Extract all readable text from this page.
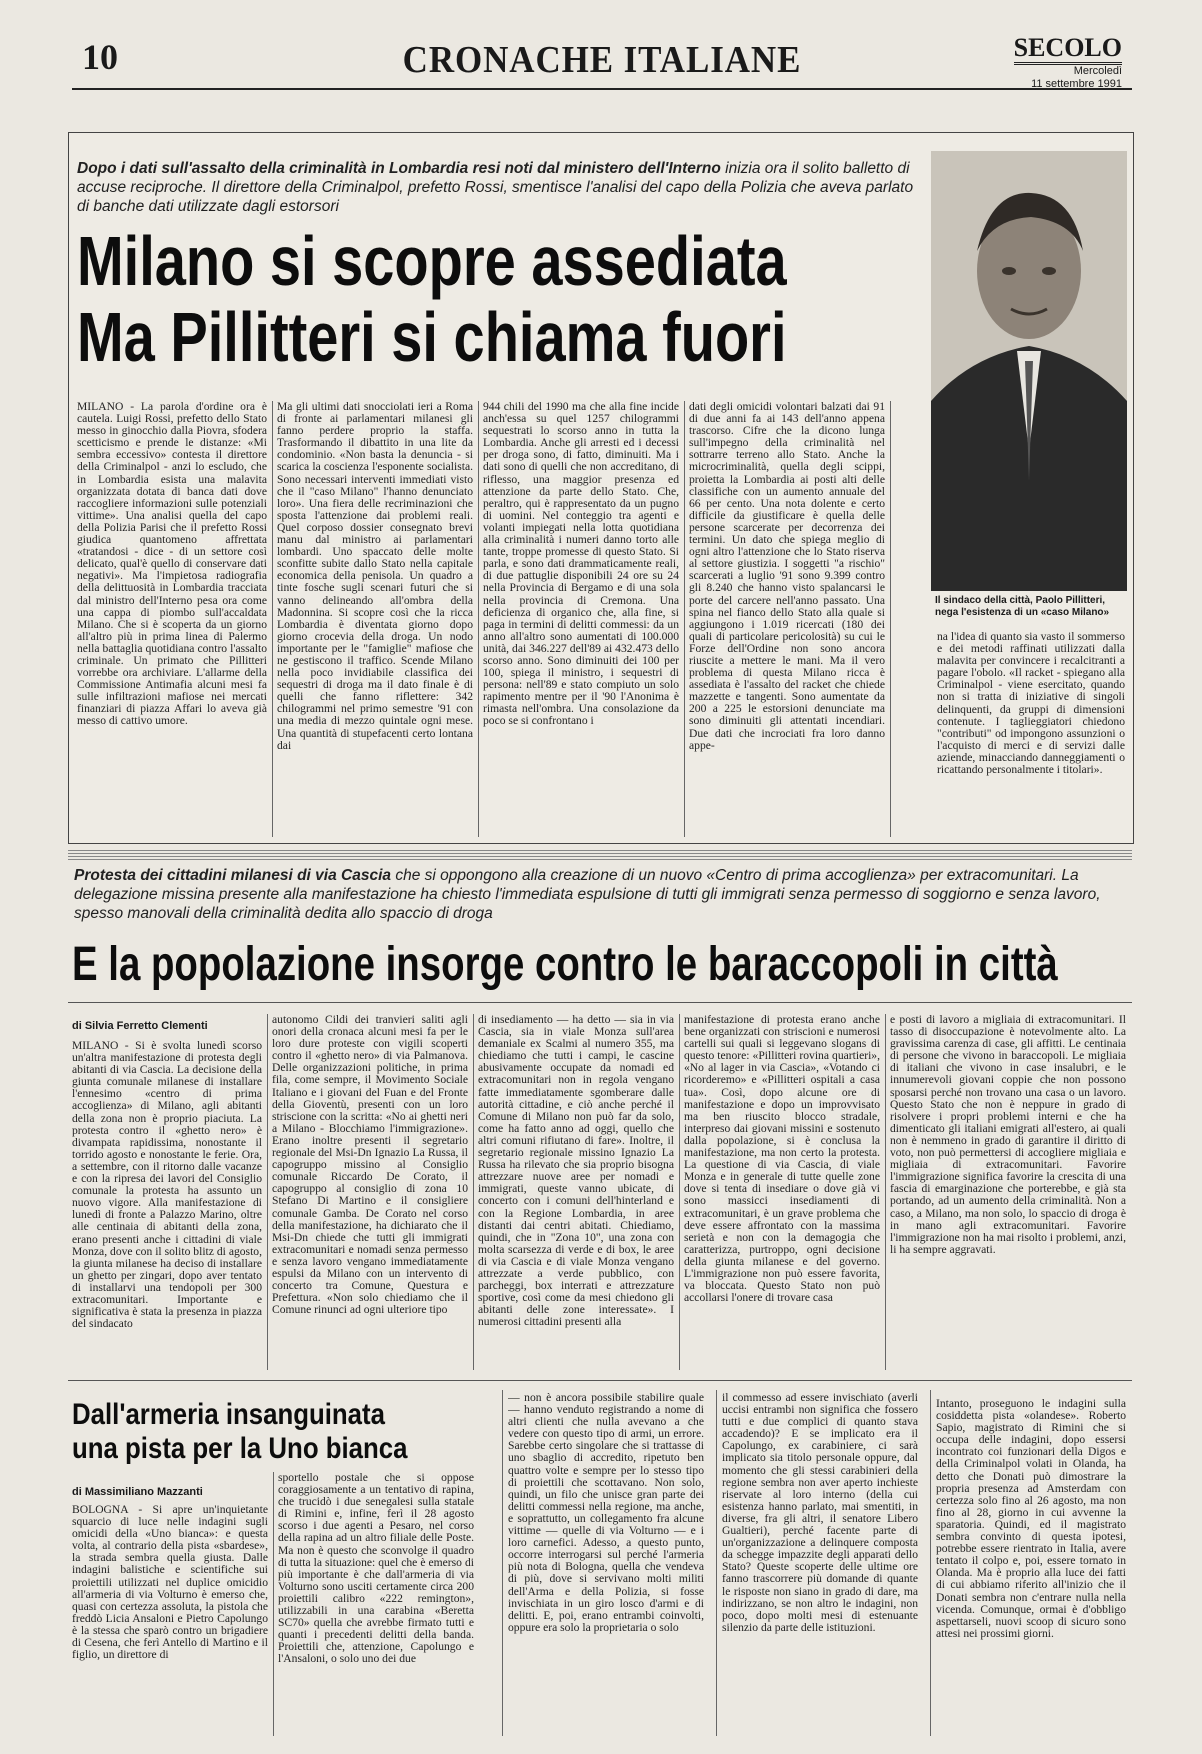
10	CRONACHE ITALIANE	SECOLO
Mercoledì
11 settembre 1991
Dopo i dati sull'assalto della criminalità in Lombardia resi noti dal ministero dell'Interno inizia ora il solito balletto di accuse reciproche. Il direttore della Criminalpol, prefetto Rossi, smentisce l'analisi del capo della Polizia che aveva parlato di banche dati utilizzate dagli estorsori
Milano si scopre assediata
Ma Pillitteri si chiama fuori
Il sindaco della città, Paolo Pillitteri, nega l'esistenza di un «caso Milano»

MILANO - La parola d'ordine ora è cautela. Luigi Rossi, prefetto dello Stato messo in ginocchio dalla Piovra, sfodera scetticismo e prende le distanze: «Mi sembra eccessivo» contesta il direttore della Criminalpol - anzi lo escludo, che in Lombardia esista una malavita organizzata dotata di banca dati dove raccogliere informazioni sulle potenziali vittime». Una analisi quella del capo della Polizia Parisi che il prefetto Rossi giudica quantomeno affrettata «tratandosi - dice - di un settore così delicato, qual'è quello di conservare dati negativi». Ma l'impietosa radiografia della delittuosità in Lombardia tracciata dal ministro dell'Interno pesa ora come una cappa di piombo sull'accaldata Milano. Che si è scoperta da un giorno all'altro più in prima linea di Palermo nella battaglia quotidiana contro l'assalto criminale. Un primato che Pillitteri vorrebbe ora archiviare. L'allarme della Commissione Antimafia alcuni mesi fa sulle infiltrazioni mafiose nei mercati finanziari di piazza Affari lo aveva già messo di cattivo umore.

Ma gli ultimi dati snocciolati ieri a Roma di fronte ai parlamentari milanesi gli fanno perdere proprio la staffa. Trasformando il dibattito in una lite da condominio. «Non basta la denuncia - si scarica la coscienza l'esponente socialista. Sono necessari interventi immediati visto che il "caso Milano" l'hanno denunciato loro». Una fiera delle recriminazioni che sposta l'attenzione dai problemi reali. Quel corposo dossier consegnato brevi manu dal ministro ai parlamentari lombardi. Uno spaccato delle molte sconfitte subite dallo Stato nella capitale economica della penisola. Un quadro a tinte fosche sugli scenari futuri che si vanno delineando all'ombra della Madonnina. Si scopre così che la ricca Lombardia è diventata giorno dopo giorno crocevia della droga. Un nodo importante per le "famiglie" mafiose che ne gestiscono il traffico. Scende Milano nella poco invidiabile classifica dei sequestri di droga ma il dato finale è di quelli che fanno riflettere: 342 chilogrammi nel primo semestre '91 con una media di mezzo quintale ogni mese. Una quantità di stupefacenti certo lontana dai

944 chili del 1990 ma che alla fine incide anch'essa su quel 1257 chilogrammi sequestrati lo scorso anno in tutta la Lombardia. Anche gli arresti ed i decessi per droga sono, di fatto, diminuiti. Ma i dati sono di quelli che non accreditano, di riflesso, una maggior presenza ed attenzione da parte dello Stato. Che, peraltro, qui è rappresentato da un pugno di uomini. Nel conteggio tra agenti e volanti impiegati nella lotta quotidiana alla criminalità i numeri danno torto alle tante, troppe promesse di questo Stato. Si parla, e sono dati drammaticamente reali, di due pattuglie disponibili 24 ore su 24 nella Provincia di Bergamo e di una sola nella provincia di Cremona. Una deficienza di organico che, alla fine, si paga in termini di delitti commessi: da un anno all'altro sono aumentati di 100.000 unità, dai 346.227 dell'89 ai 432.473 dello scorso anno. Sono diminuiti dei 100 per 100, spiega il ministro, i sequestri di persona: nell'89 e stato compiuto un solo rapimento mentre per il '90 l'Anonima è rimasta nell'ombra. Una consolazione da poco se si confrontano i

dati degli omicidi volontari balzati dai 91 di due anni fa ai 143 dell'anno appena trascorso. Cifre che la dicono lunga sull'impegno della criminalità nel sottrarre terreno allo Stato. Anche la microcriminalità, quella degli scippi, proietta la Lombardia ai posti alti delle classifiche con un aumento annuale del 66 per cento. Una nota dolente e certo difficile da giustificare è quella delle persone scarcerate per decorrenza dei termini. Un dato che spiega meglio di ogni altro l'attenzione che lo Stato riserva al settore giustizia. I soggetti "a rischio" scarcerati a luglio '91 sono 9.399 contro gli 8.240 che hanno visto spalancarsi le porte del carcere nell'anno passato. Una spina nel fianco dello Stato alla quale si aggiungono i 1.019 ricercati (180 dei quali di particolare pericolosità) su cui le Forze dell'Ordine non sono ancora riuscite a mettere le mani. Ma il vero problema di questa Milano ricca è assediata è l'assalto del racket che chiede mazzette e tangenti. Sono aumentate da 200 a 225 le estorsioni denunciate ma sono diminuiti gli attentati incendiari. Due dati che incrociati fra loro danno appe-

na l'idea di quanto sia vasto il sommerso e dei metodi raffinati utilizzati dalla malavita per convincere i recalcitranti a pagare l'obolo. «Il racket - spiegano alla Criminalpol - viene esercitato, quando non si tratta di iniziative di singoli delinquenti, da gruppi di dimensioni contenute. I taglieggiatori chiedono "contributi" od impongono assunzioni o l'acquisto di merci e di servizi dalle aziende, minacciando danneggiamenti o ricattando personalmente i titolari».

Protesta dei cittadini milanesi di via Cascia che si oppongono alla creazione di un nuovo «Centro di prima accoglienza» per extracomunitari. La delegazione missina presente alla manifestazione ha chiesto l'immediata espulsione di tutti gli immigrati senza permesso di soggiorno e senza lavoro, spesso manovali della criminalità dedita allo spaccio di droga
E la popolazione insorge contro le baraccopoli in città
di Silvia Ferretto Clementi

MILANO - Si è svolta lunedì scorso un'altra manifestazione di protesta degli abitanti di via Cascia. La decisione della giunta comunale milanese di installare l'ennesimo «centro di prima accoglienza» di Milano, agli abitanti della zona non è proprio piaciuta. La protesta contro il «ghetto nero» è divampata rapidissima, nonostante il torrido agosto e nonostante le ferie. Ora, a settembre, con il ritorno dalle vacanze e con la ripresa dei lavori del Consiglio comunale la protesta ha assunto un nuovo vigore. Alla manifestazione di lunedì di fronte a Palazzo Marino, oltre alle centinaia di abitanti della zona, erano presenti anche i cittadini di viale Monza, dove con il solito blitz di agosto, la giunta milanese ha deciso di installare un ghetto per zingari, dopo aver tentato di installarvi una tendopoli per 300 extracomunitari. Importante e significativa è stata la presenza in piazza del sindacato

autonomo Cildi dei tranvieri saliti agli onori della cronaca alcuni mesi fa per le loro dure proteste con vigili scoperti contro il «ghetto nero» di via Palmanova. Delle organizzazioni politiche, in prima fila, come sempre, il Movimento Sociale Italiano e i giovani del Fuan e del Fronte della Gioventù, presenti con un loro striscione con la scritta: «No ai ghetti neri a Milano - Blocchiamo l'immigrazione». Erano inoltre presenti il segretario regionale del Msi-Dn Ignazio La Russa, il capogruppo missino al Consiglio comunale Riccardo De Corato, il capogruppo al consiglio di zona 10 Stefano Di Martino e il consigliere comunale Gamba. De Corato nel corso della manifestazione, ha dichiarato che il Msi-Dn chiede che tutti gli immigrati extracomunitari e nomadi senza permesso e senza lavoro vengano immediatamente espulsi da Milano con un intervento di concerto tra Comune, Questura e Prefettura. «Non solo chiediamo che il Comune rinunci ad ogni ulteriore tipo

di insediamento — ha detto — sia in via Cascia, sia in viale Monza sull'area demaniale ex Scalmi al numero 355, ma chiediamo che tutti i campi, le cascine abusivamente occupate da nomadi ed extracomunitari non in regola vengano fatte immediatamente sgomberare dalle autorità cittadine, e ciò anche perché il Comune di Milano non può far da solo, come ha fatto anno ad oggi, quello che altri comuni rifiutano di fare». Inoltre, il segretario regionale missino Ignazio La Russa ha rilevato che sia proprio bisogna attrezzare nuove aree per nomadi e immigrati, queste vanno ubicate, di concerto con i comuni dell'hinterland e con la Regione Lombardia, in aree distanti dai centri abitati. Chiediamo, quindi, che in "Zona 10", una zona con molta scarsezza di verde e di box, le aree di via Cascia e di viale Monza vengano attrezzate a verde pubblico, con parcheggi, box interrati e attrezzature sportive, così come da mesi chiedono gli abitanti delle zone interessate». I numerosi cittadini presenti alla

manifestazione di protesta erano anche bene organizzati con striscioni e numerosi cartelli sui quali si leggevano slogans di questo tenore: «Pillitteri rovina quartieri», «No al lager in via Cascia», «Votando ci ricorderemo» e «Pillitteri ospitali a casa tua». Così, dopo alcune ore di manifestazione e dopo un improvvisato ma ben riuscito blocco stradale, interpreso dai giovani missini e sostenuto dalla popolazione, si è conclusa la manifestazione, ma non certo la protesta. La questione di via Cascia, di viale Monza e in generale di tutte quelle zone dove si tenta di insediare o dove già vi sono massicci insediamenti di extracomunitari, è un grave problema che deve essere affrontato con la massima serietà e non con la demagogia che caratterizza, purtroppo, ogni decisione della giunta milanese e del governo. L'immigrazione non può essere favorita, va bloccata. Questo Stato non può accollarsi l'onere di trovare casa

e posti di lavoro a migliaia di extracomunitari. Il tasso di disoccupazione è notevolmente alto. La gravissima carenza di case, gli affitti. Le centinaia di persone che vivono in baraccopoli. Le migliaia di italiani che vivono in case insalubri, e le innumerevoli giovani coppie che non possono sposarsi perché non trovano una casa o un lavoro. Questo Stato che non è neppure in grado di risolvere i propri problemi interni e che ha dimenticato gli italiani emigrati all'estero, ai quali non è nemmeno in grado di garantire il diritto di voto, non può permettersi di accogliere migliaia e migliaia di extracomunitari. Favorire l'immigrazione significa favorire la crescita di una fascia di emarginazione che porterebbe, e già sta portando, ad un aumento della criminalità. Non a caso, a Milano, ma non solo, lo spaccio di droga è in mano agli extracomunitari. Favorire l'immigrazione non ha mai risolto i problemi, anzi, li ha sempre aggravati.

Dall'armeria insanguinata
una pista per la Uno bianca
di Massimiliano Mazzanti

BOLOGNA - Si apre un'inquietante squarcio di luce nelle indagini sugli omicidi della «Uno bianca»: e questa volta, al contrario della pista «sbardese», la strada sembra quella giusta. Dalle indagini balistiche e scientifiche sui proiettili utilizzati nel duplice omicidio all'armeria di via Volturno è emerso che, quasi con certezza assoluta, la pistola che freddò Licia Ansaloni e Pietro Capolungo è la stessa che sparò contro un brigadiere di Cesena, che ferì Antello di Martino e il figlio, un direttore di

sportello postale che si oppose coraggiosamente a un tentativo di rapina, che trucidò i due senegalesi sulla statale di Rimini e, infine, ferì il 28 agosto scorso i due agenti a Pesaro, nel corso della rapina ad un altro filiale delle Poste. Ma non è questo che sconvolge il quadro di tutta la situazione: quel che è emerso di più importante è che dall'armeria di via Volturno sono usciti certamente circa 200 proiettili calibro «222 remington», utilizzabili in una carabina «Beretta SC70» quella che avrebbe firmato tutti e quanti i precedenti delitti della banda. Proiettili che, attenzione, Capolungo e l'Ansaloni, o solo uno dei due

— non è ancora possibile stabilire quale — hanno venduto registrando a nome di altri clienti che nulla avevano a che vedere con questo tipo di armi, un errore. Sarebbe certo singolare che si trattasse di uno sbaglio di accredito, ripetuto ben quattro volte e sempre per lo stesso tipo di proiettili che scottavano. Non solo, quindi, un filo che unisce gran parte dei delitti commessi nella regione, ma anche, e soprattutto, un collegamento fra alcune vittime — quelle di via Volturno — e i loro carnefici. Adesso, a questo punto, occorre interrogarsi sul perché l'armeria più nota di Bologna, quella che vendeva di più, dove si servivano molti militi dell'Arma e della Polizia, si fosse invischiata in un giro losco d'armi e di delitti. E, poi, erano entrambi coinvolti, oppure era solo la proprietaria o solo

il commesso ad essere invischiato (averli uccisi entrambi non significa che fossero tutti e due complici di quanto stava accadendo)? E se implicato era il Capolungo, ex carabiniere, ci sarà implicato sia titolo personale oppure, dal momento che gli stessi carabinieri della regione sembra non aver aperto inchieste riservate al loro interno (della cui esistenza hanno parlato, mai smentiti, in diverse, fra gli altri, il senatore Libero Gualtieri), perché facente parte di un'organizzazione a delinquere composta da schegge impazzite degli apparati dello Stato? Queste scoperte delle ultime ore fanno trascorrere più domande di quante le risposte non siano in grado di dare, ma indirizzano, se non altro le indagini, non poco, dopo molti mesi di estenuante silenzio da parte delle istituzioni.

Intanto, proseguono le indagini sulla cosiddetta pista «olandese». Roberto Sapio, magistrato di Rimini che si occupa delle indagini, dopo essersi incontrato coi funzionari della Digos e della Criminalpol volati in Olanda, ha detto che Donati può dimostrare la propria presenza ad Amsterdam con certezza solo fino al 26 agosto, ma non fino al 28, giorno in cui avvenne la sparatoria. Quindi, ed il magistrato sembra convinto di questa ipotesi, potrebbe essere rientrato in Italia, avere tentato il colpo e, poi, essere tornato in Olanda. Ma è proprio alla luce dei fatti di cui abbiamo riferito all'inizio che il Donati sembra non c'entrare nulla nella vicenda. Comunque, ormai è d'obbligo aspettarseli, nuovi scoop di sicuro sono attesi nei prossimi giorni.
